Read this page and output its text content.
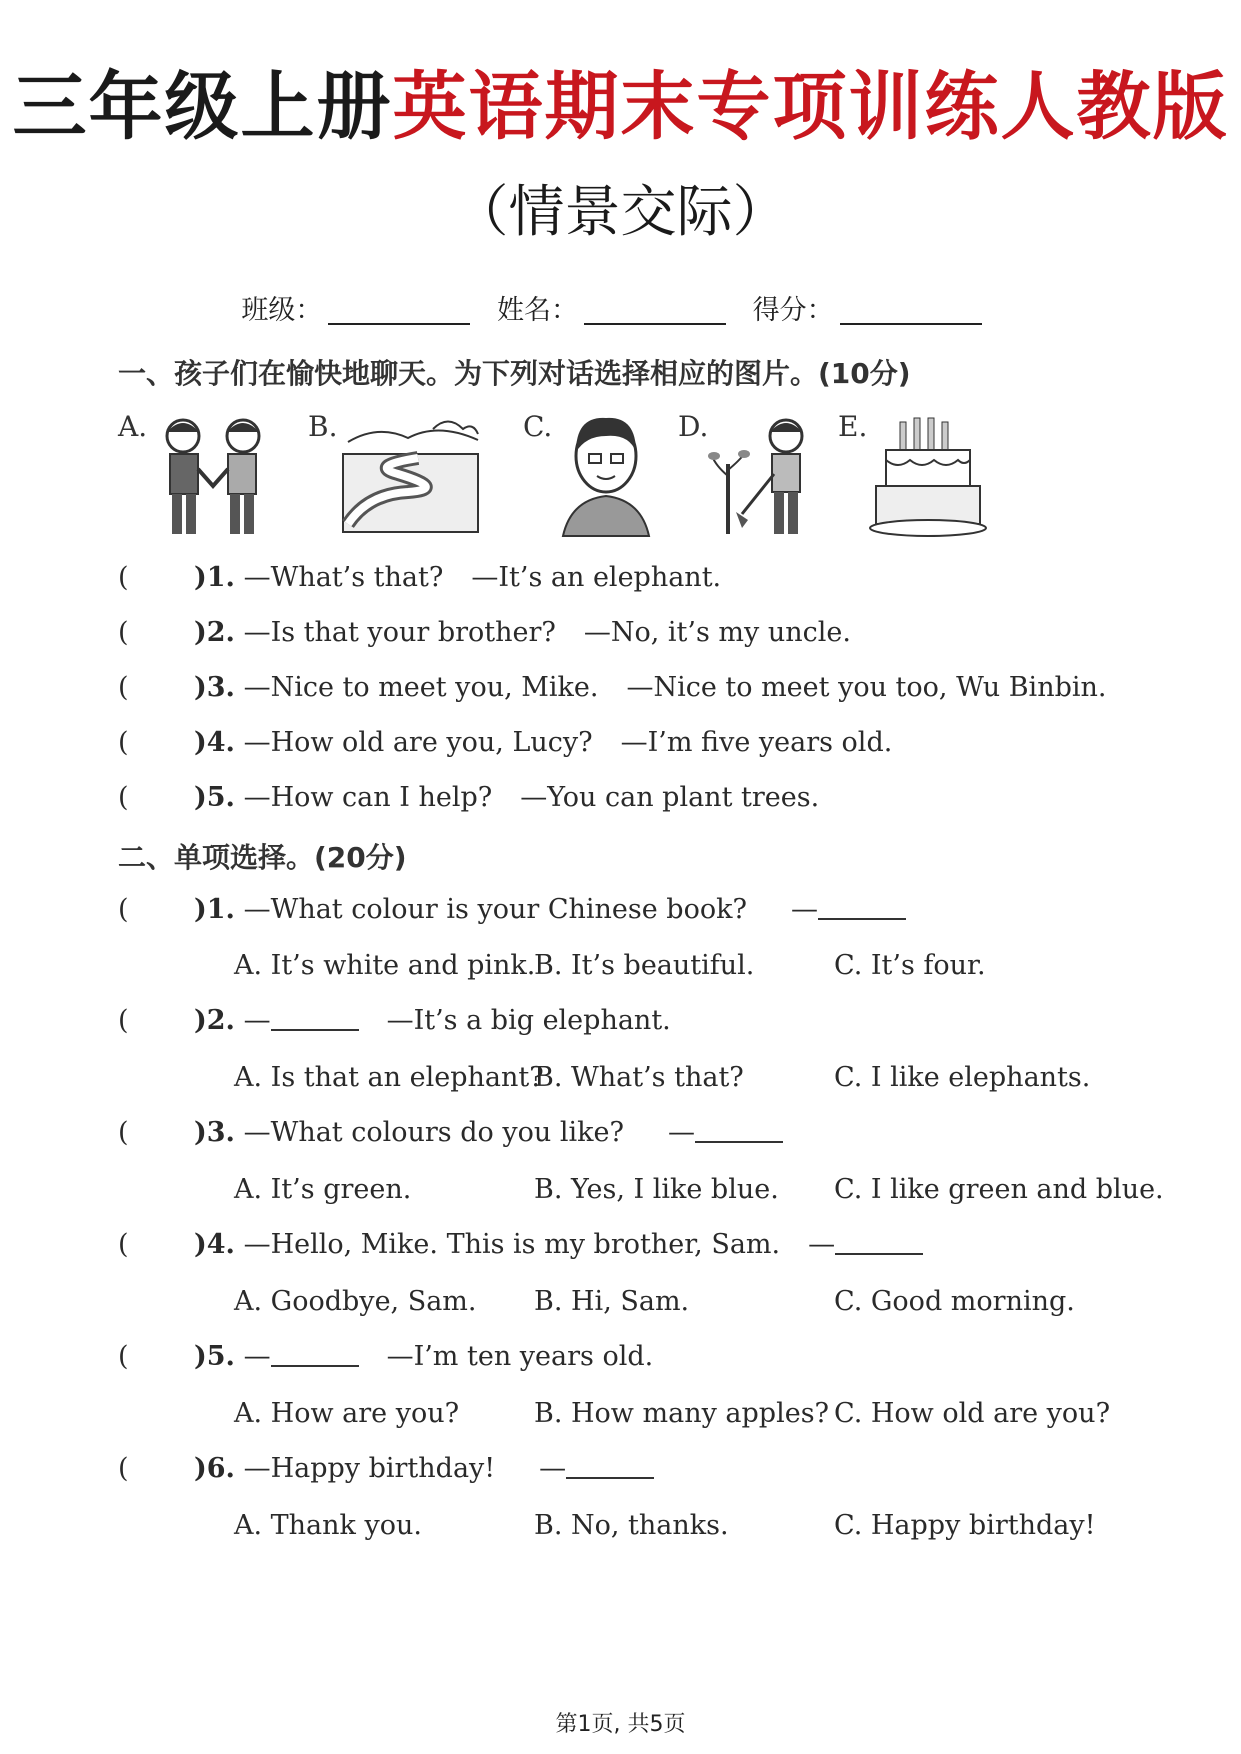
三年级上册英语期末专项训练人教版
（情景交际）
班级：	姓名：	得分：
一、孩子们在愉快地聊天。为下列对话选择相应的图片。(10分)
A.	B.	C.	D.	E.
( )1. —What’s that? —It’s an elephant.
( )2. —Is that your brother? —No, it’s my uncle.
( )3. —Nice to meet you, Mike. —Nice to meet you too, Wu Binbin.
( )4. —How old are you, Lucy? —I’m five years old.
( )5. —How can I help? —You can plant trees.
二、单项选择。(20分)
( )1. —What colour is your Chinese book? —
A. It’s white and pink.B. It’s beautiful.	C. It’s four.
( )2. —	—It’s a big elephant.
A. Is that an elephant?B. What’s that?	C. I like elephants.
( )3. —What colours do you like? —
A. It’s green.	B. Yes, I like blue. C. I like green and blue.
( )4. —Hello, Mike. This is my brother, Sam. —
A. Goodbye, Sam. B. Hi, Sam.	C. Good morning.
( )5. —	—I’m ten years old.
A. How are you?	B. How many apples? C. How old are you?
( )6. —Happy birthday! —
A. Thank you.	B. No, thanks.	C. Happy birthday!
第1页, 共5页
